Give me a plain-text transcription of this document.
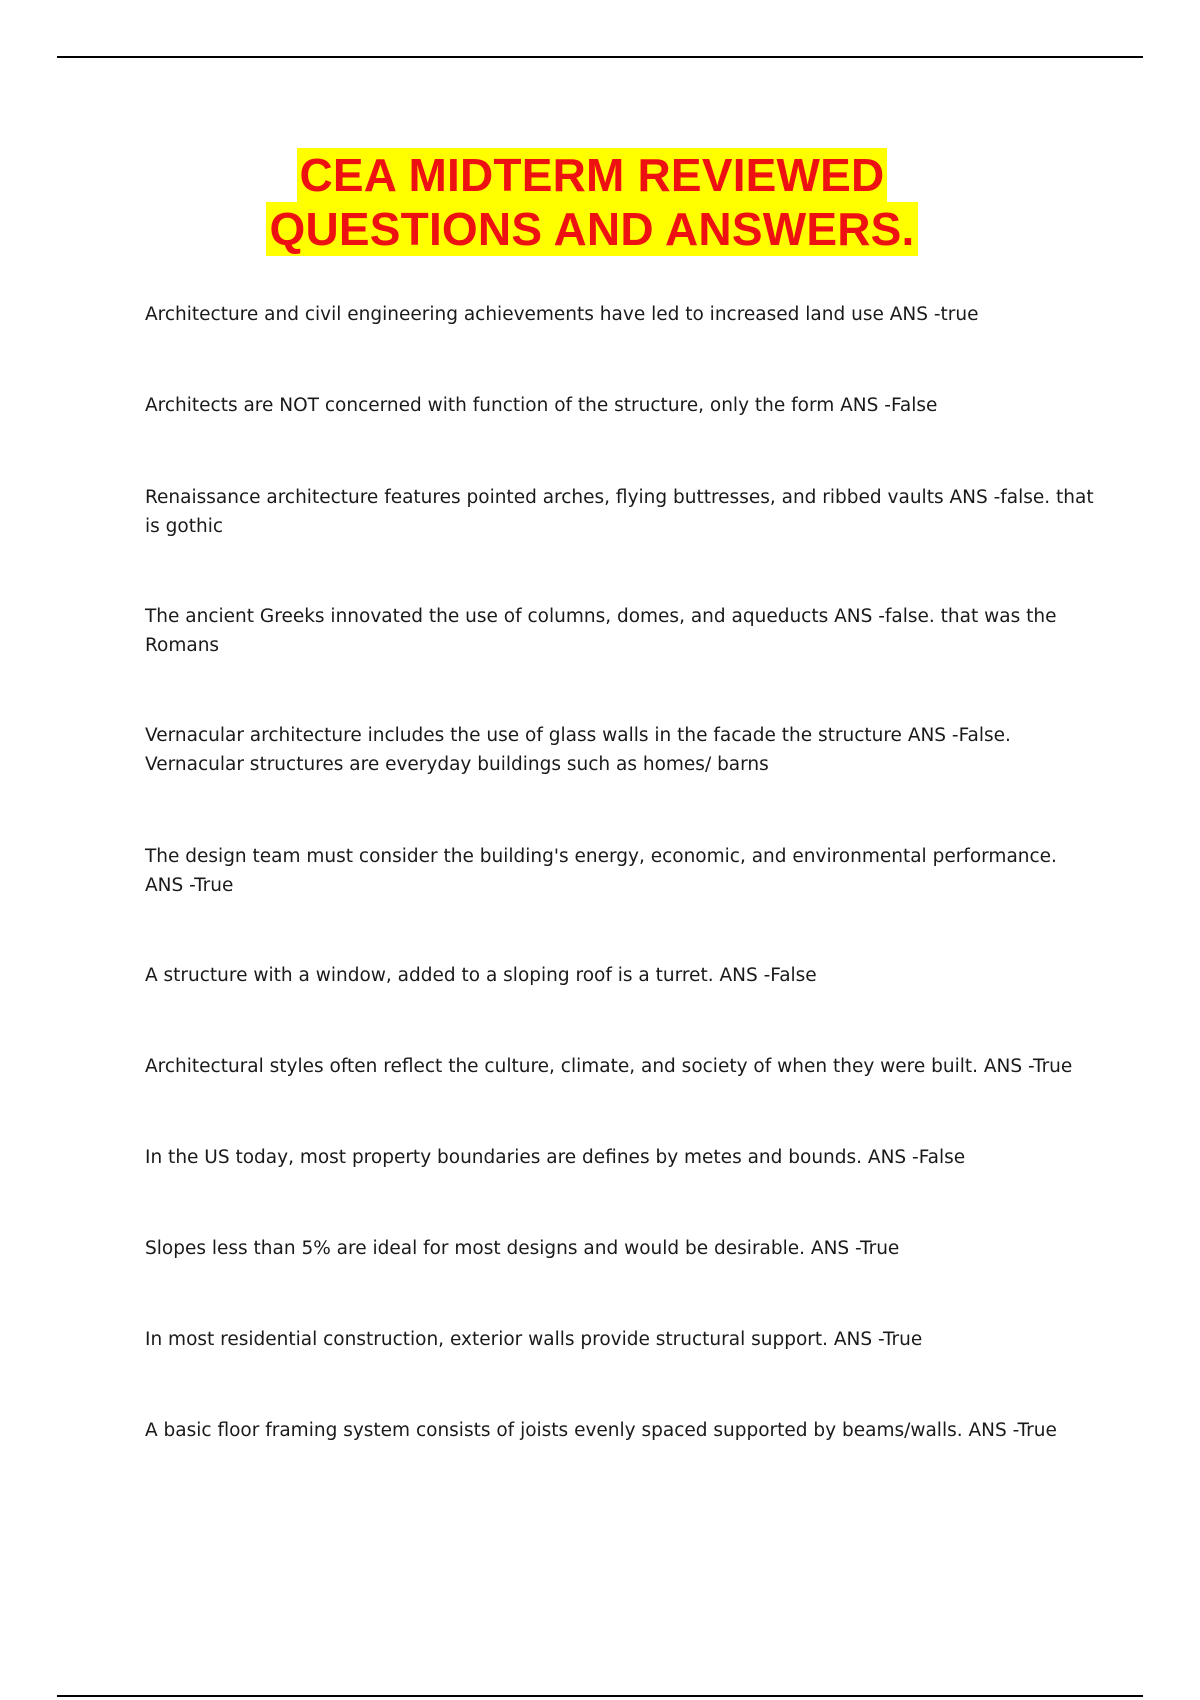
CEA MIDTERM REVIEWED
QUESTIONS AND ANSWERS.

Architecture and civil engineering achievements have led to increased land use ANS -true

Architects are NOT concerned with function of the structure, only the form ANS -False

Renaissance architecture features pointed arches, flying buttresses, and ribbed vaults ANS -false. that is gothic

The ancient Greeks innovated the use of columns, domes, and aqueducts ANS -false. that was the Romans

Vernacular architecture includes the use of glass walls in the facade the structure ANS -False. Vernacular structures are everyday buildings such as homes/ barns

The design team must consider the building's energy, economic, and environmental performance. ANS -True

A structure with a window, added to a sloping roof is a turret. ANS -False

Architectural styles often reflect the culture, climate, and society of when they were built. ANS -True

In the US today, most property boundaries are defines by metes and bounds. ANS -False

Slopes less than 5% are ideal for most designs and would be desirable. ANS -True

In most residential construction, exterior walls provide structural support. ANS -True

A basic floor framing system consists of joists evenly spaced supported by beams/walls. ANS -True
